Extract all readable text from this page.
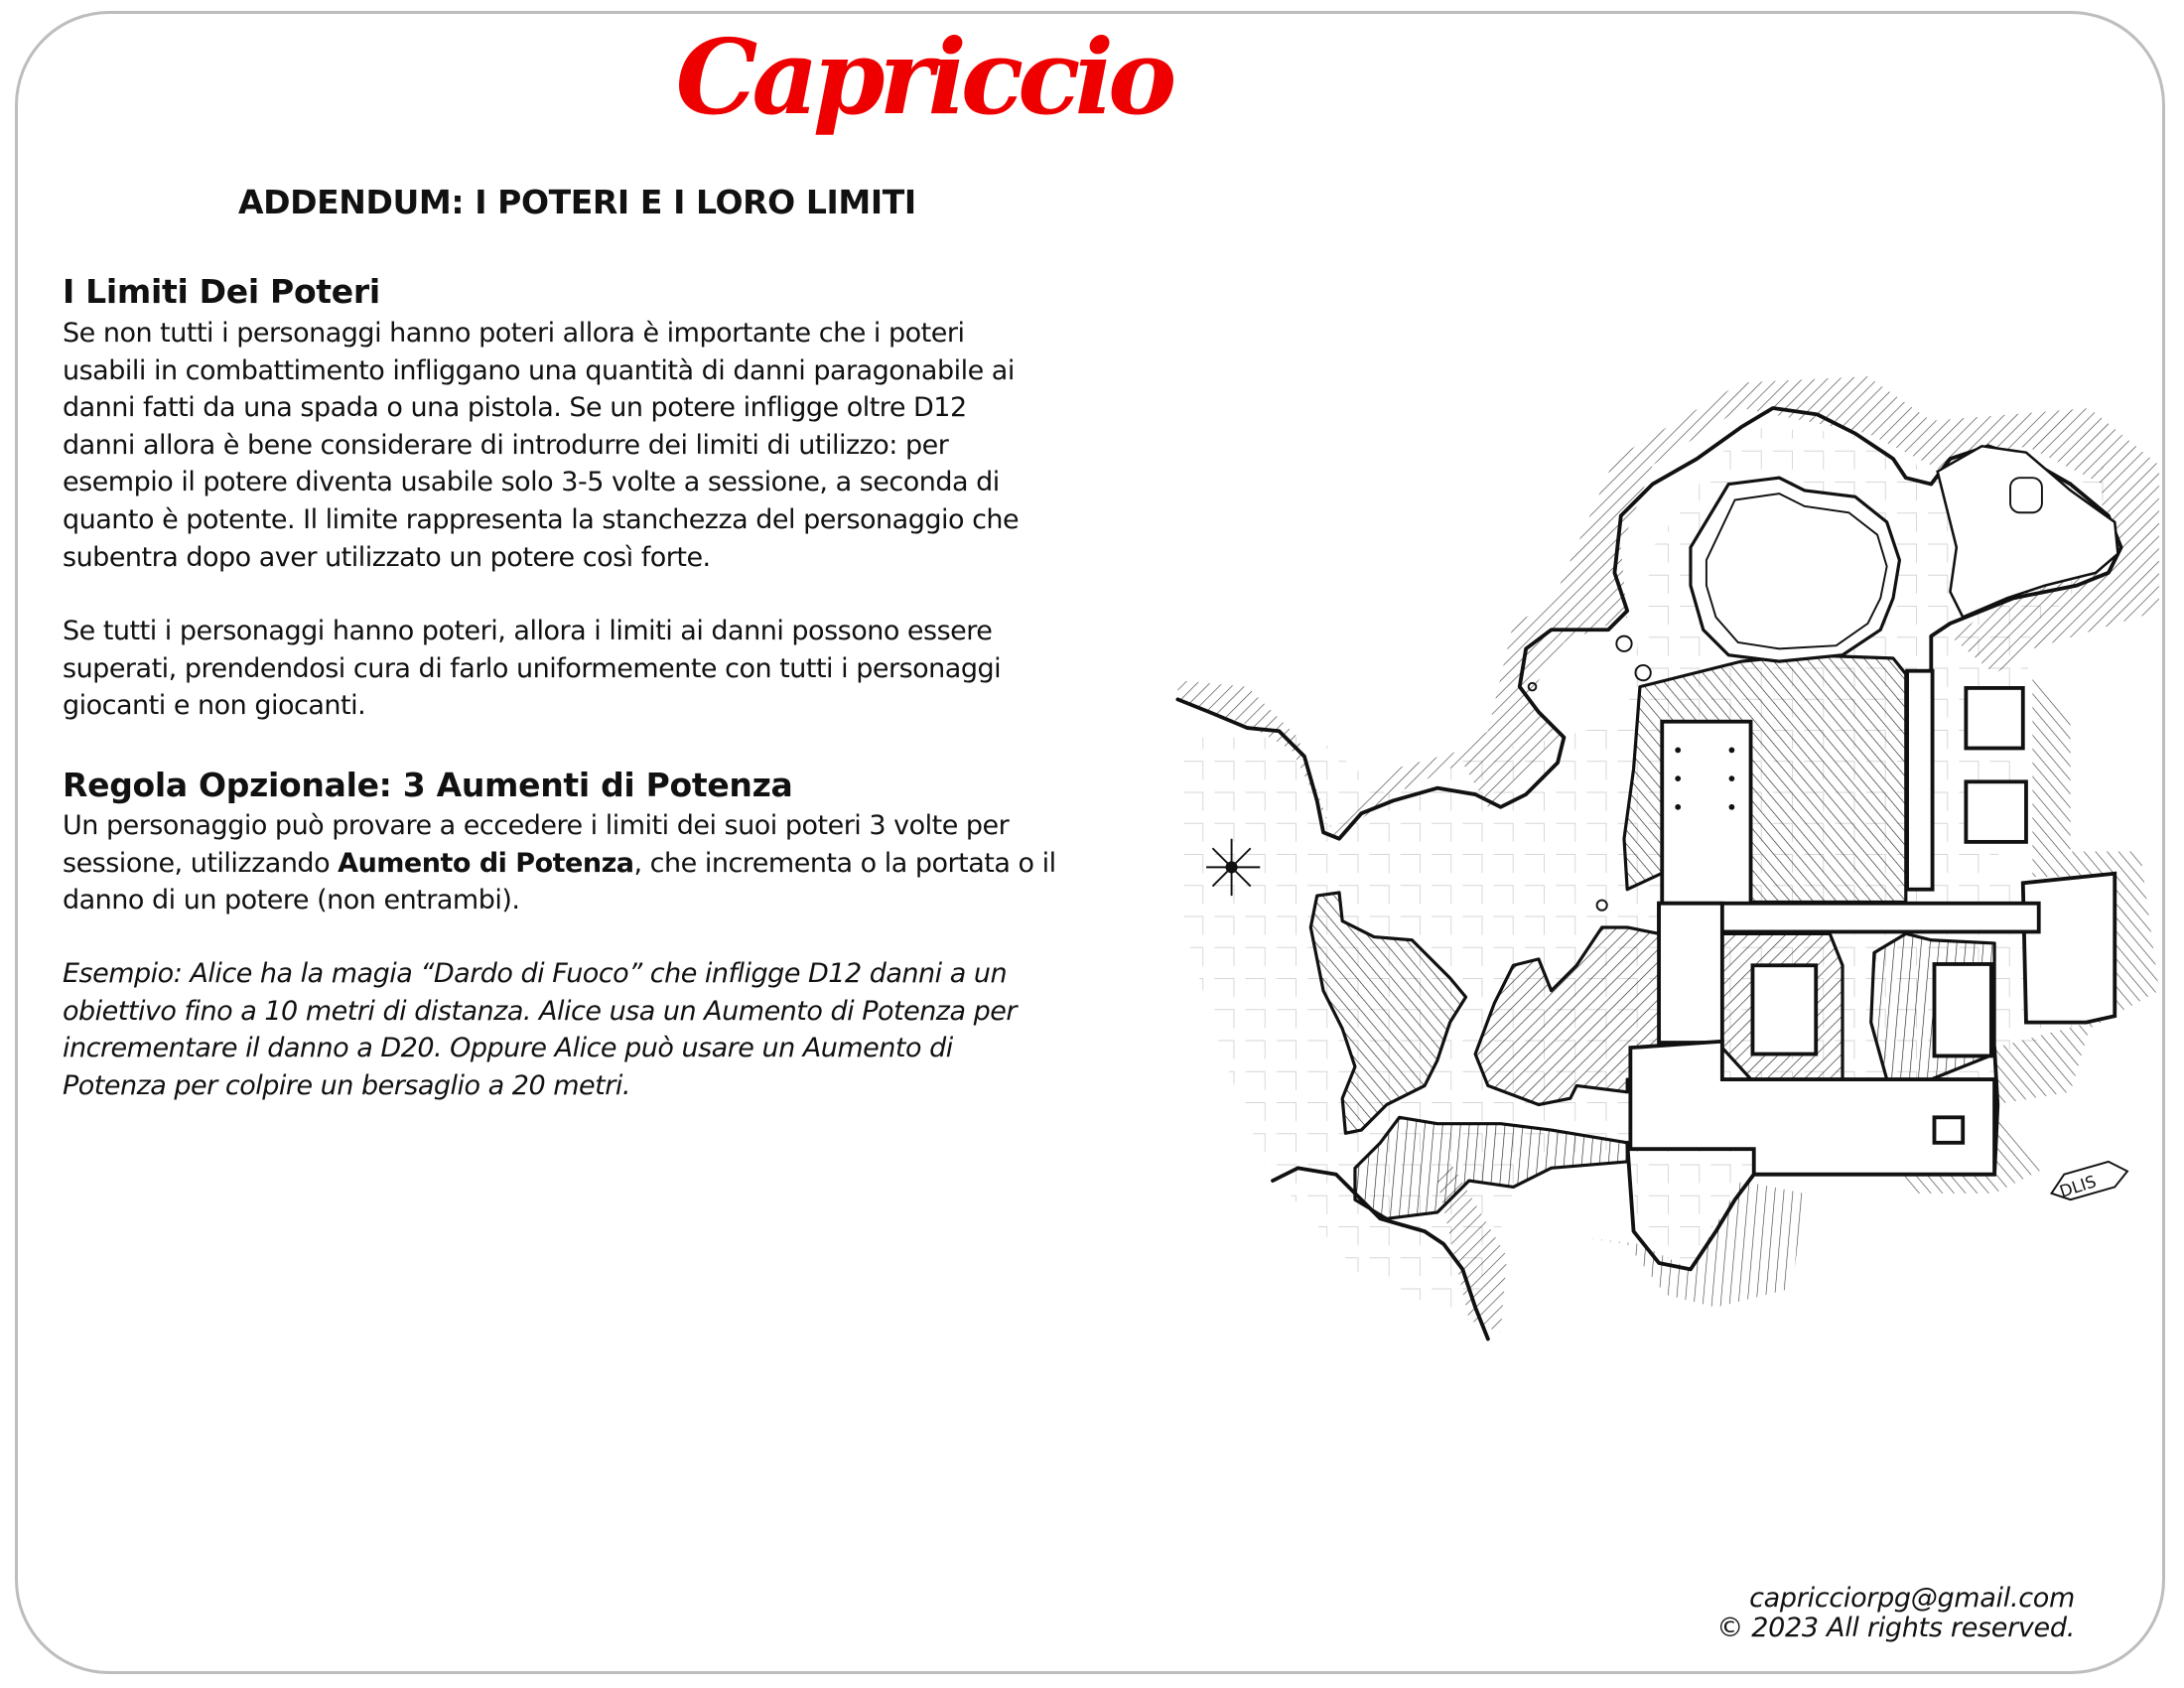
Capriccio
ADDENDUM: I POTERI E I LORO LIMITI
I Limiti Dei Poteri
Se non tutti i personaggi hanno poteri allora è importante che i poteri
usabili in combattimento infliggano una quantità di danni paragonabile ai
danni fatti da una spada o una pistola. Se un potere infligge oltre D12
danni allora è bene considerare di introdurre dei limiti di utilizzo: per
esempio il potere diventa usabile solo 3-5 volte a sessione, a seconda di
quanto è potente. Il limite rappresenta la stanchezza del personaggio che
subentra dopo aver utilizzato un potere così forte.
Se tutti i personaggi hanno poteri, allora i limiti ai danni possono essere
superati, prendendosi cura di farlo uniformemente con tutti i personaggi
giocanti e non giocanti.
Regola Opzionale: 3 Aumenti di Potenza
Un personaggio può provare a eccedere i limiti dei suoi poteri 3 volte per
sessione, utilizzando Aumento di Potenza, che incrementa o la portata o il
danno di un potere (non entrambi).
Esempio: Alice ha la magia “Dardo di Fuoco” che infligge D12 danni a un
obiettivo fino a 10 metri di distanza. Alice usa un Aumento di Potenza per
incrementare il danno a D20. Oppure Alice può usare un Aumento di
Potenza per colpire un bersaglio a 20 metri.
DLIS
capricciorpg@gmail.com
© 2023 All rights reserved.
